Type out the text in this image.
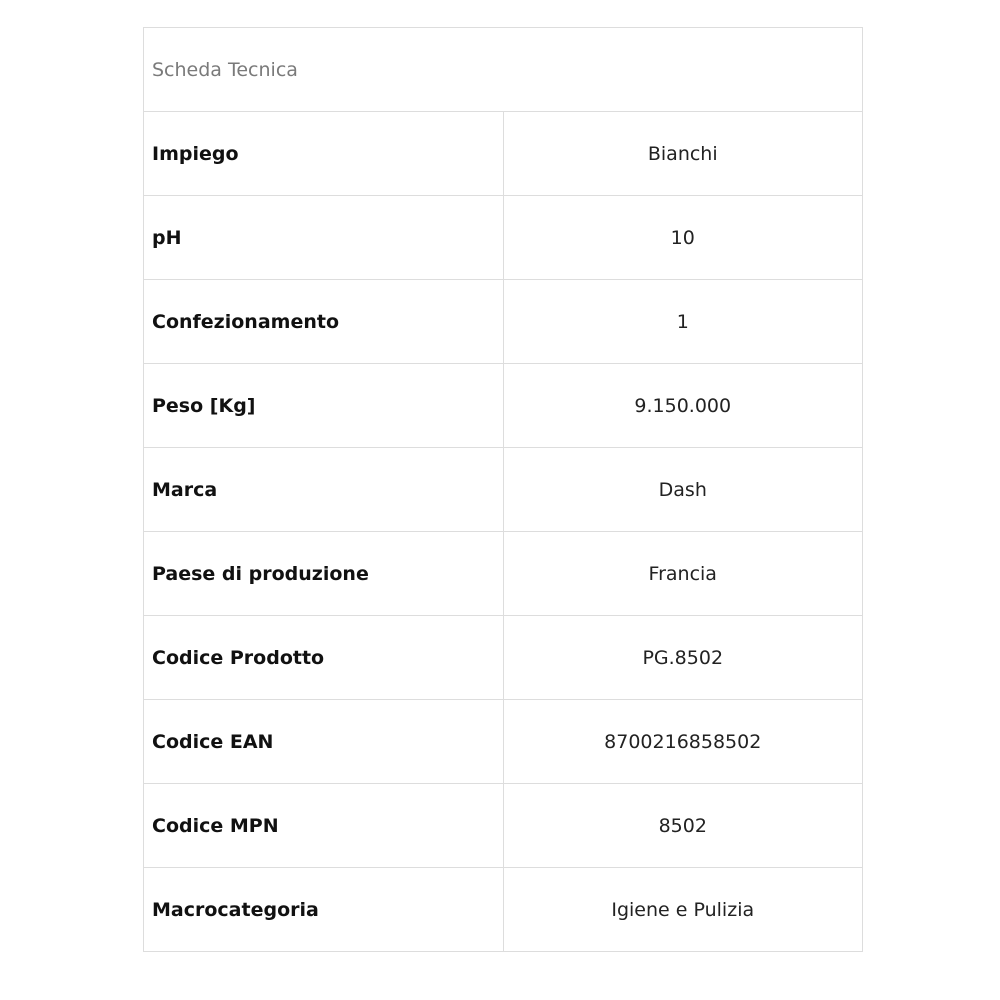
Scheda Tecnica	
Impiego	Bianchi
pH	10
Confezionamento	1
Peso [Kg]	9.150.000
Marca	Dash
Paese di produzione	Francia
Codice Prodotto	PG.8502
Codice EAN	8700216858502
Codice MPN	8502
Macrocategoria	Igiene e Pulizia
